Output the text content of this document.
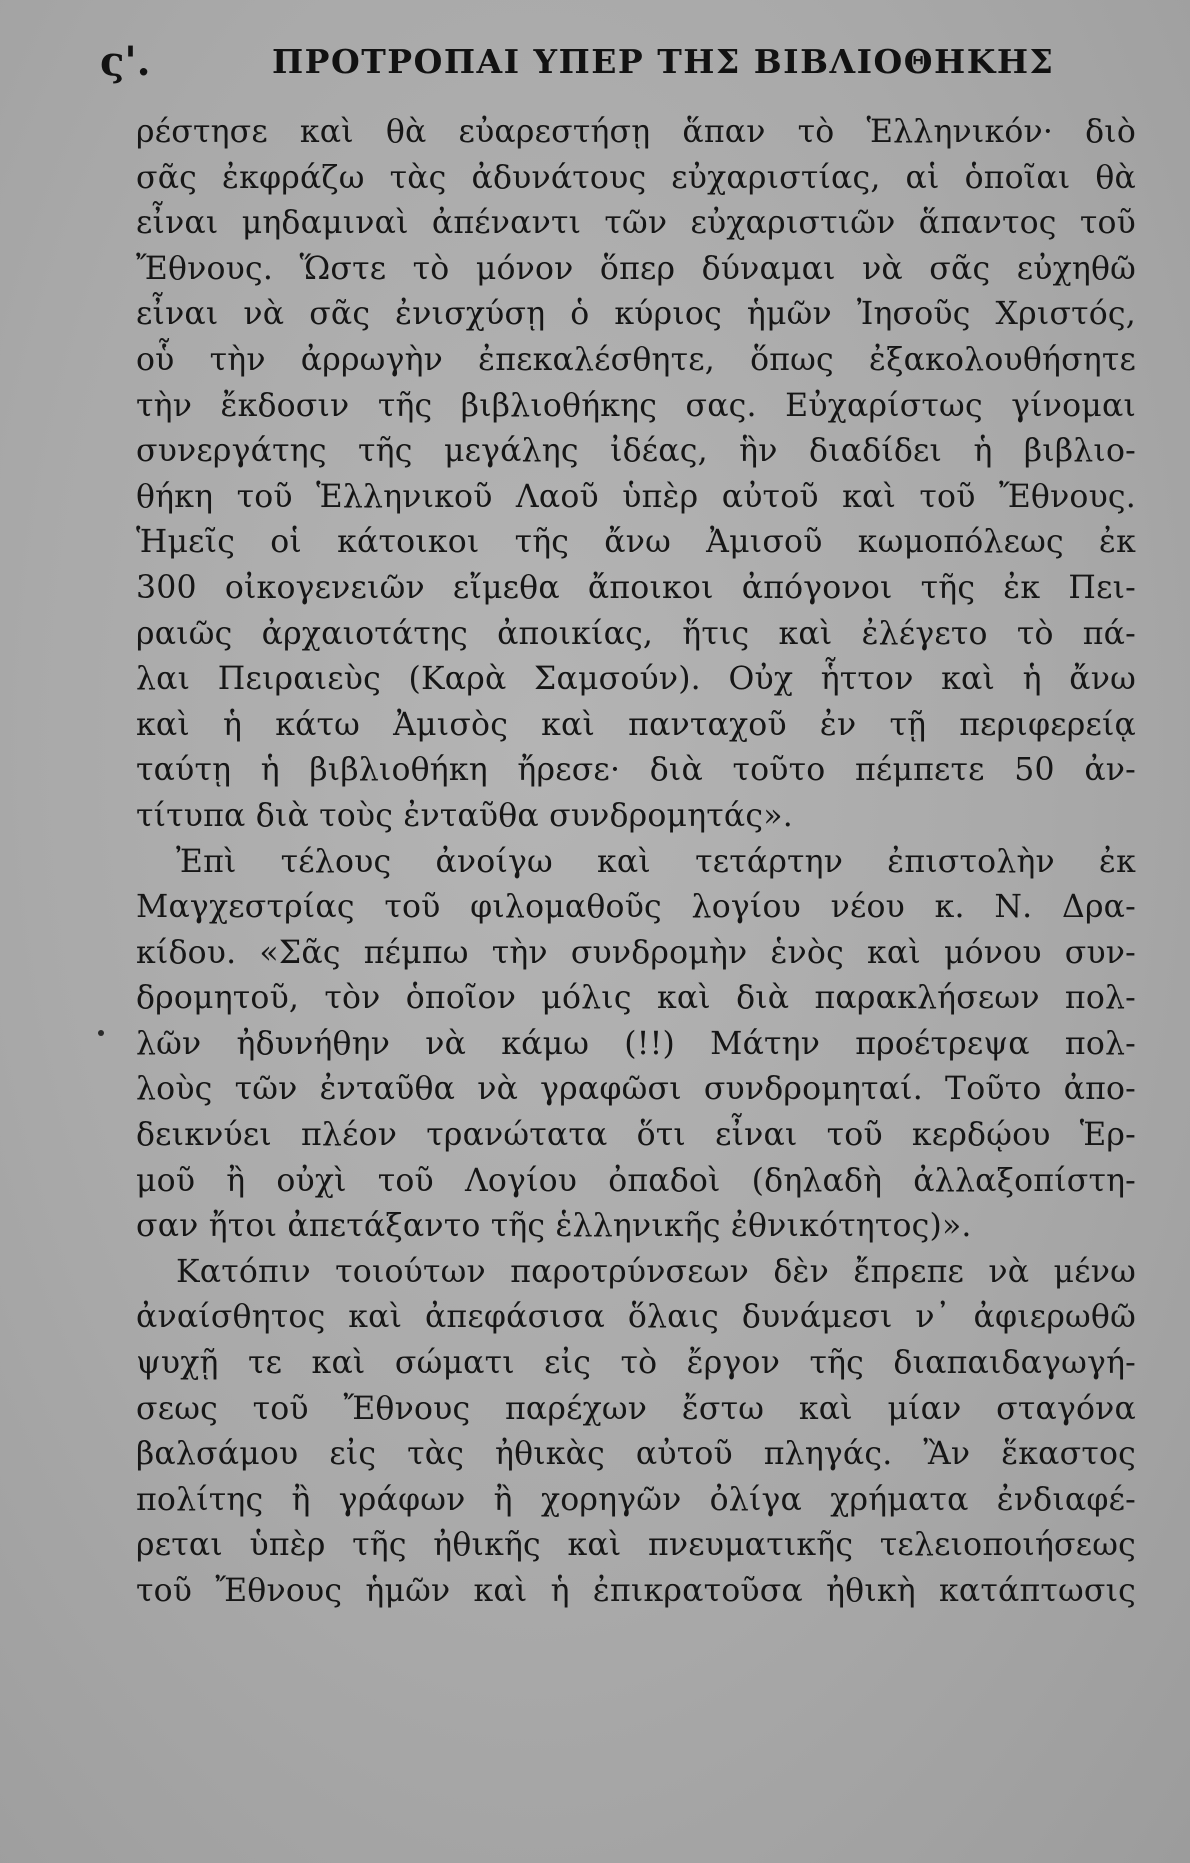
ς'.	ΠΡΟΤΡΟΠΑΙ ΥΠΕΡ ΤΗΣ ΒΙΒΛΙΟΘΗΚΗΣ
ρέστησε καὶ θὰ εὐαρεστήσῃ ἅπαν τὸ Ἑλληνικόν· διὸ
σᾶς ἐκφράζω τὰς ἀδυνάτους εὐχαριστίας, αἱ ὁποῖαι θὰ
εἶναι μηδαμιναὶ ἀπέναντι τῶν εὐχαριστιῶν ἅπαντος τοῦ
Ἔθνους. Ὥστε τὸ μόνον ὅπερ δύναμαι νὰ σᾶς εὐχηθῶ
εἶναι νὰ σᾶς ἐνισχύσῃ ὁ κύριος ἡμῶν Ἰησοῦς Χριστός,
οὗ τὴν ἀρρωγὴν ἐπεκαλέσθητε, ὅπως ἐξακολουθήσητε
τὴν ἔκδοσιν τῆς βιβλιοθήκης σας. Εὐχαρίστως γίνομαι
συνεργάτης τῆς μεγάλης ἰδέας, ἣν διαδίδει ἡ βιβλιο-
θήκη τοῦ Ἑλληνικοῦ Λαοῦ ὑπὲρ αὐτοῦ καὶ τοῦ Ἔθνους.
Ἡμεῖς οἱ κάτοικοι τῆς ἄνω Ἀμισοῦ κωμοπόλεως ἐκ
300 οἰκογενειῶν εἴμεθα ἄποικοι ἀπόγονοι τῆς ἐκ Πει-
ραιῶς ἀρχαιοτάτης ἀποικίας, ἥτις καὶ ἐλέγετο τὸ πά-
λαι Πειραιεὺς (Καρὰ Σαμσούν). Οὐχ ἧττον καὶ ἡ ἄνω
καὶ ἡ κάτω Ἀμισὸς καὶ πανταχοῦ ἐν τῇ περιφερείᾳ
ταύτῃ ἡ βιβλιοθήκη ἤρεσε· διὰ τοῦτο πέμπετε 50 ἀν-
τίτυπα διὰ τοὺς ἐνταῦθα συνδρομητάς».
Ἐπὶ τέλους ἀνοίγω καὶ τετάρτην ἐπιστολὴν ἐκ
Μαγχεστρίας τοῦ φιλομαθοῦς λογίου νέου κ. Ν. Δρα-
κίδου. «Σᾶς πέμπω τὴν συνδρομὴν ἑνὸς καὶ μόνου συν-
δρομητοῦ, τὸν ὁποῖον μόλις καὶ διὰ παρακλήσεων πολ-
λῶν ἠδυνήθην νὰ κάμω (!!) Μάτην προέτρεψα πολ-
λοὺς τῶν ἐνταῦθα νὰ γραφῶσι συνδρομηταί. Τοῦτο ἀπο-
δεικνύει πλέον τρανώτατα ὅτι εἶναι τοῦ κερδῴου Ἑρ-
μοῦ ἢ οὐχὶ τοῦ Λογίου ὀπαδοὶ (δηλαδὴ ἀλλαξοπίστη-
σαν ἤτοι ἀπετάξαντο τῆς ἑλληνικῆς ἐθνικότητος)».
Κατόπιν τοιούτων παροτρύνσεων δὲν ἔπρεπε νὰ μένω
ἀναίσθητος καὶ ἀπεφάσισα ὅλαις δυνάμεσι ν᾿ ἀφιερωθῶ
ψυχῇ τε καὶ σώματι εἰς τὸ ἔργον τῆς διαπαιδαγωγή-
σεως τοῦ Ἔθνους παρέχων ἔστω καὶ μίαν σταγόνα
βαλσάμου εἰς τὰς ἠθικὰς αὐτοῦ πληγάς. Ἂν ἕκαστος
πολίτης ἢ γράφων ἢ χορηγῶν ὀλίγα χρήματα ἐνδιαφέ-
ρεται ὑπὲρ τῆς ἠθικῆς καὶ πνευματικῆς τελειοποιήσεως
τοῦ Ἔθνους ἡμῶν καὶ ἡ ἐπικρατοῦσα ἠθικὴ κατάπτωσις
